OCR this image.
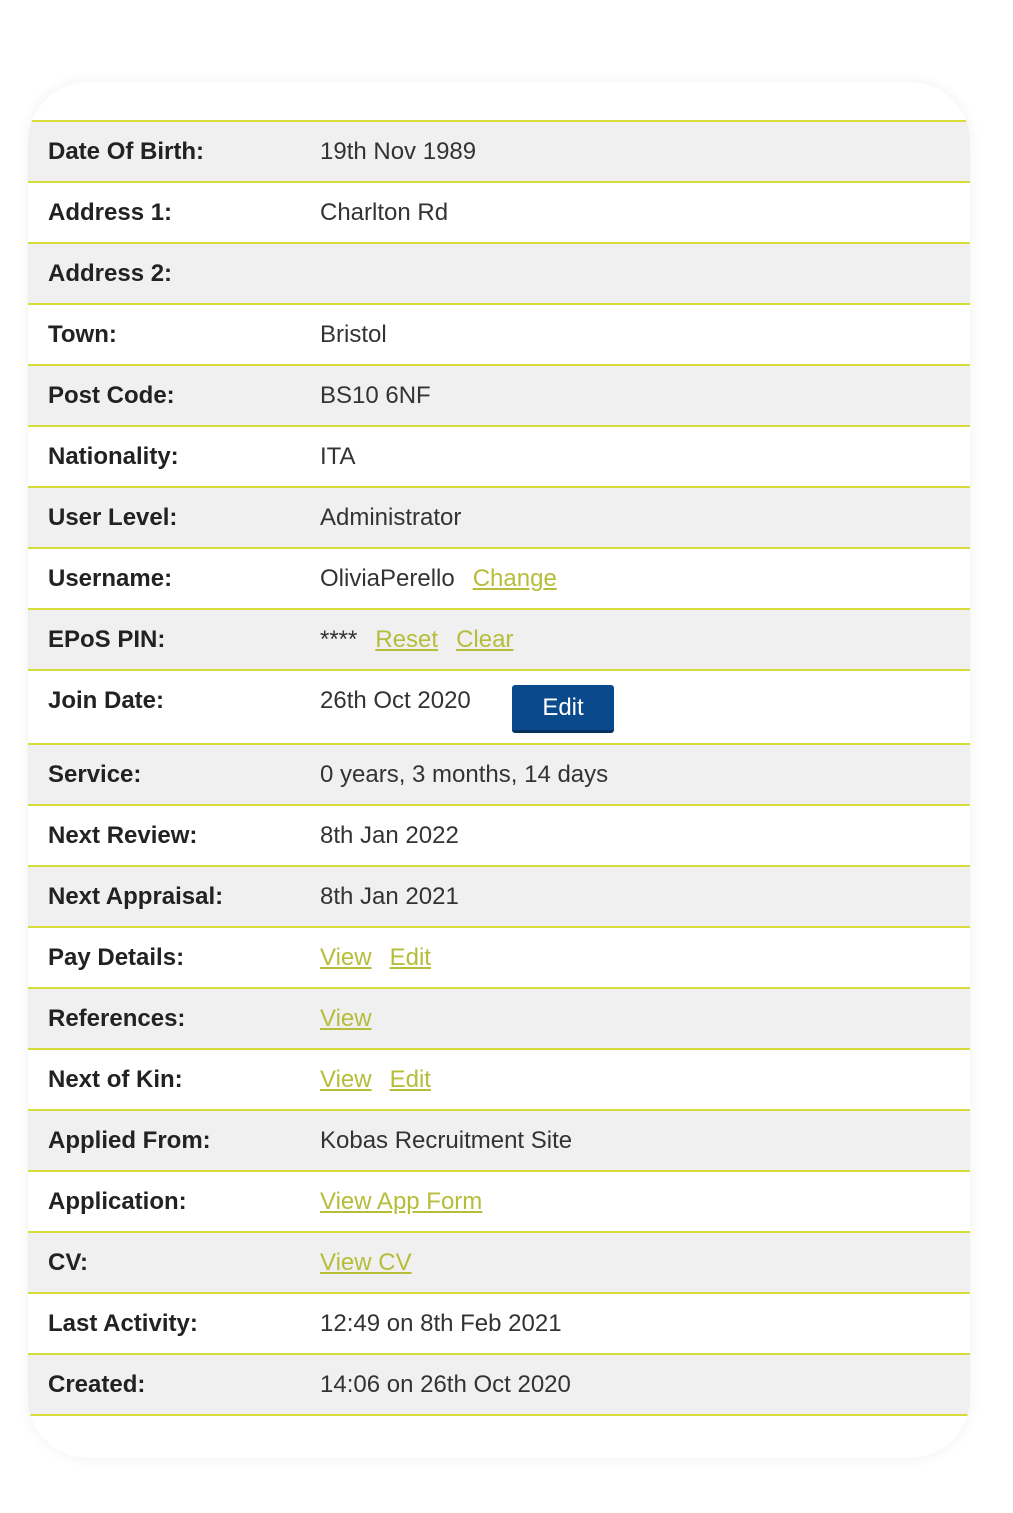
Date Of Birth:	19th Nov 1989
Address 1:	Charlton Rd
Address 2:
Town:	Bristol
Post Code:	BS10 6NF
Nationality:	ITA
User Level:	Administrator
Username:	OliviaPerello Change
EPoS PIN:	**** Reset Clear
Join Date:	26th Oct 2020	Edit
Service:	0 years, 3 months, 14 days
Next Review:	8th Jan 2022
Next Appraisal:	8th Jan 2021
Pay Details:	View Edit
References:	View
Next of Kin:	View Edit
Applied From:	Kobas Recruitment Site
Application:	View App Form
CV:	View CV
Last Activity:	12:49 on 8th Feb 2021
Created:	14:06 on 26th Oct 2020
